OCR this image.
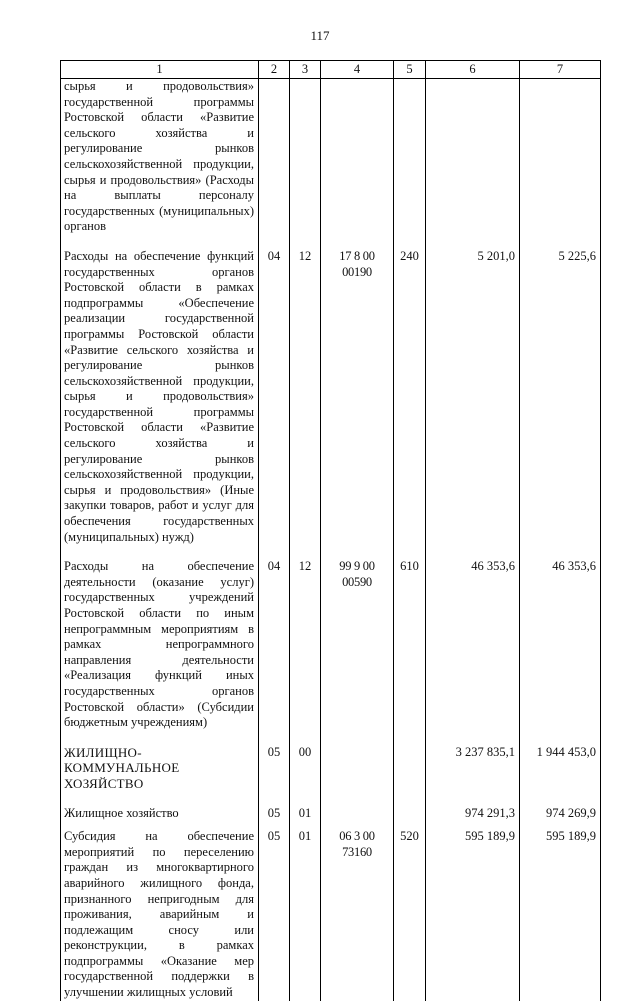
117
1	2	3	4	5	6	7
сырья и продовольствия» государственной программы Ростовской области «Развитие сельского хозяйства и регулирование рынков сельскохозяйственной продукции, сырья и продовольствия» (Расходы на выплаты персоналу государственных (муниципальных) органов						
Расходы на обеспечение функций государственных органов Ростовской области в рамках подпрограммы «Обеспечение реализации государственной программы Ростовской области «Развитие сельского хозяйства и регулирование рынков сельскохозяйственной продукции, сырья и продовольствия» государственной программы Ростовской области «Развитие сельского хозяйства и регулирование рынков сельскохозяйственной продукции, сырья и продовольствия» (Иные закупки товаров, работ и услуг для обеспечения государственных (муниципальных) нужд)	04	12	17 8 00 00190	240	5 201,0	5 225,6
Расходы на обеспечение деятельности (оказание услуг) государственных учреждений Ростовской области по иным непрограммным мероприятиям в рамках непрограммного направления деятельности «Реализация функций иных государственных органов Ростовской области» (Субсидии бюджетным учреждениям)	04	12	99 9 00 00590	610	46 353,6	46 353,6
ЖИЛИЩНО-КОММУНАЛЬНОЕ ХОЗЯЙСТВО	05	00			3 237 835,1	1 944 453,0
Жилищное хозяйство	05	01			974 291,3	974 269,9
Субсидия на обеспечение мероприятий по переселению граждан из многоквартирного аварийного жилищного фонда, признанного непригодным для проживания, аварийным и подлежащим сносу или реконструкции, в рамках подпрограммы «Оказание мер государственной поддержки в улучшении жилищных условий	05	01	06 3 00 73160	520	595 189,9	595 189,9
